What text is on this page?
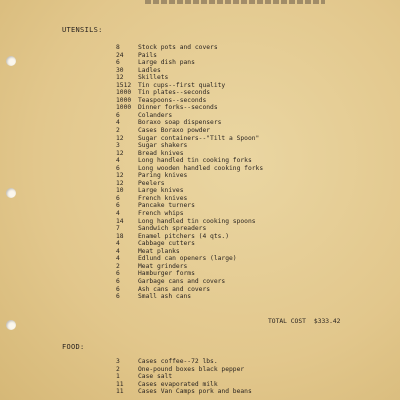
UTENSILS:
8	Stock pots and covers
24	Pails
6	Large dish pans
30	Ladles
12	Skillets
1512	Tin cups--first quality
1000	Tin plates--seconds
1000	Teaspoons--seconds
1000	Dinner forks--seconds
6	Colanders
4	Boraxo soap dispensers
2	Cases Boraxo powder
12	Sugar containers--"Tilt a Spoon"
3	Sugar shakers
12	Bread knives
4	Long handled tin cooking forks
6	Long wooden handled cooking forks
12	Paring knives
12	Peelers
10	Large knives
6	French knives
6	Pancake turners
4	French whips
14	Long handled tin cooking spoons
7	Sandwich spreaders
18	Enamel pitchers (4 qts.)
4	Cabbage cutters
4	Meat planks
4	Edlund can openers (large)
2	Meat grinders
6	Hamburger forms
6	Garbage cans and covers
6	Ash cans and covers
6	Small ash cans
TOTAL COST $333.42
FOOD:
3	Cases coffee--72 lbs.
2	One-pound boxes black pepper
1	Case salt
11	Cases evaporated milk
11	Cases Van Camps pork and beans
